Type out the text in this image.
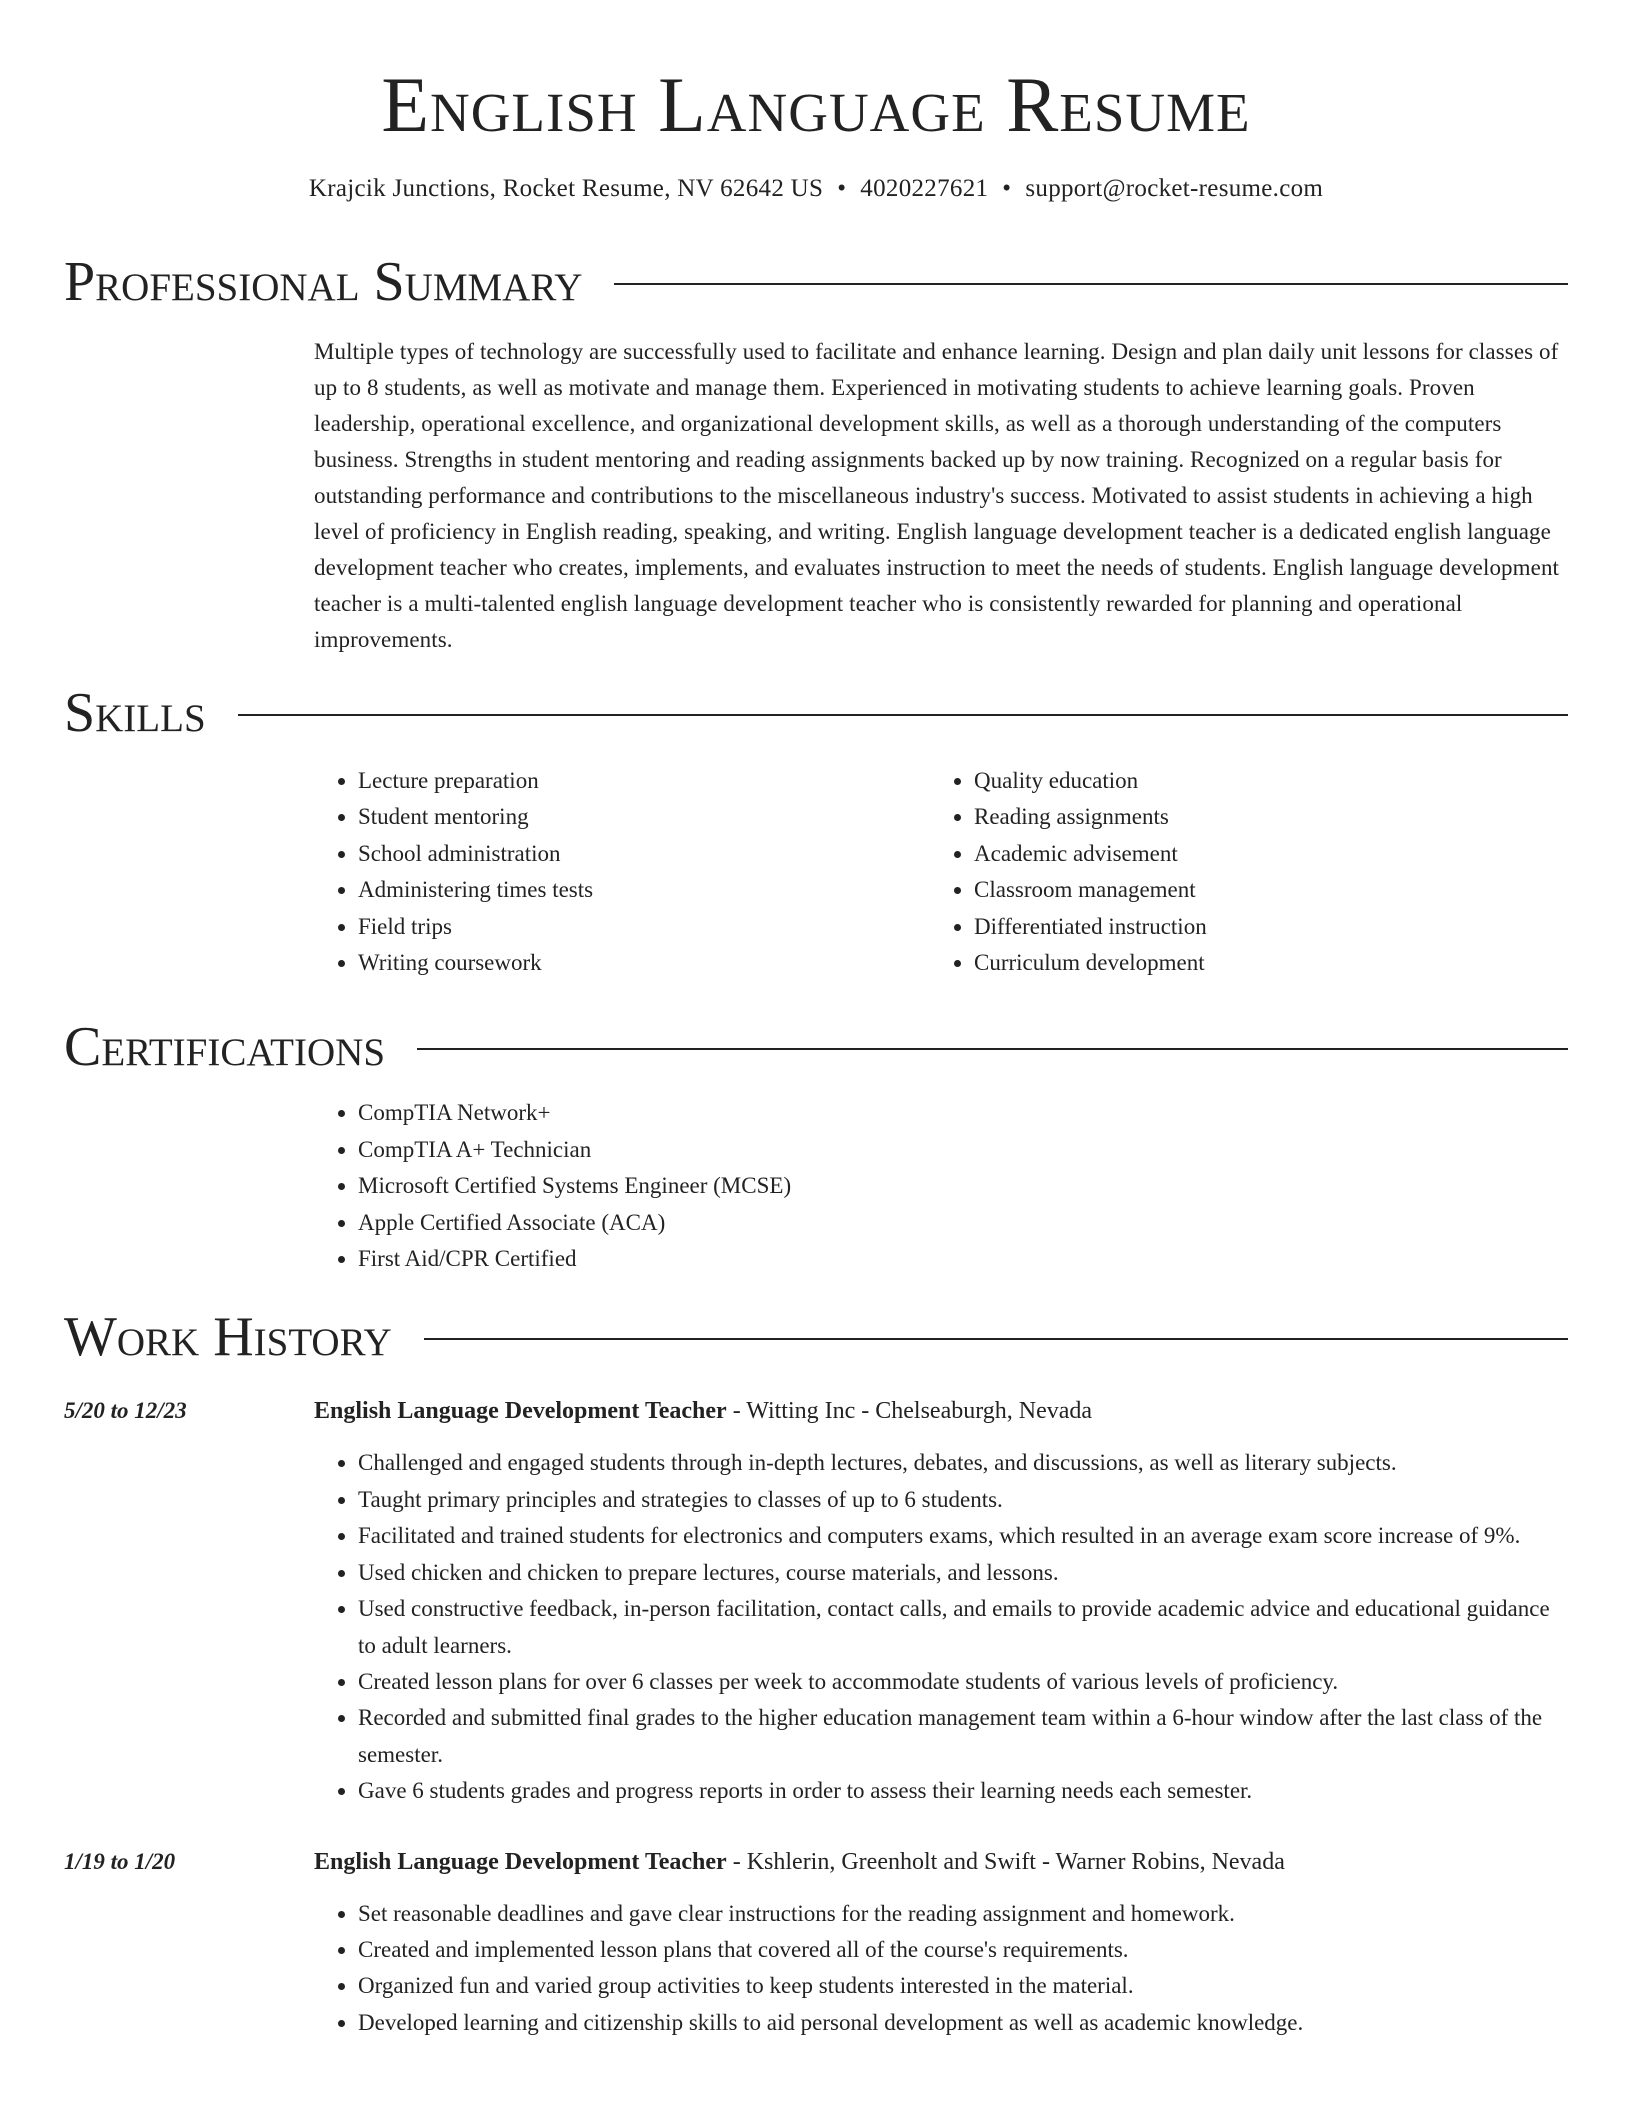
English Language Resume
Krajcik Junctions, Rocket Resume, NV 62642 US • 4020227621 • support@rocket-resume.com
Professional Summary

Multiple types of technology are successfully used to facilitate and enhance learning. Design and plan daily unit lessons for classes of up to 8 students, as well as motivate and manage them. Experienced in motivating students to achieve learning goals. Proven leadership, operational excellence, and organizational development skills, as well as a thorough understanding of the computers business. Strengths in student mentoring and reading assignments backed up by now training. Recognized on a regular basis for outstanding performance and contributions to the miscellaneous industry's success. Motivated to assist students in achieving a high level of proficiency in English reading, speaking, and writing. English language development teacher is a dedicated english language development teacher who creates, implements, and evaluates instruction to meet the needs of students. English language development teacher is a multi-talented english language development teacher who is consistently rewarded for planning and operational improvements.

Skills
• Lecture preparation
• Student mentoring
• School administration
• Administering times tests
• Field trips
• Writing coursework
• Quality education
• Reading assignments
• Academic advisement
• Classroom management
• Differentiated instruction
• Curriculum development
Certifications
• CompTIA Network+
• CompTIA A+ Technician
• Microsoft Certified Systems Engineer (MCSE)
• Apple Certified Associate (ACA)
• First Aid/CPR Certified
Work History
5/20 to 12/23	English Language Development Teacher - Witting Inc - Chelseaburgh, Nevada
• Challenged and engaged students through in-depth lectures, debates, and discussions, as well as literary subjects.
• Taught primary principles and strategies to classes of up to 6 students.
• Facilitated and trained students for electronics and computers exams, which resulted in an average exam score increase of 9%.
• Used chicken and chicken to prepare lectures, course materials, and lessons.
• Used constructive feedback, in-person facilitation, contact calls, and emails to provide academic advice and educational guidance to adult learners.
• Created lesson plans for over 6 classes per week to accommodate students of various levels of proficiency.
• Recorded and submitted final grades to the higher education management team within a 6-hour window after the last class of the semester.
• Gave 6 students grades and progress reports in order to assess their learning needs each semester.
1/19 to 1/20	English Language Development Teacher - Kshlerin, Greenholt and Swift - Warner Robins, Nevada
• Set reasonable deadlines and gave clear instructions for the reading assignment and homework.
• Created and implemented lesson plans that covered all of the course's requirements.
• Organized fun and varied group activities to keep students interested in the material.
• Developed learning and citizenship skills to aid personal development as well as academic knowledge.
